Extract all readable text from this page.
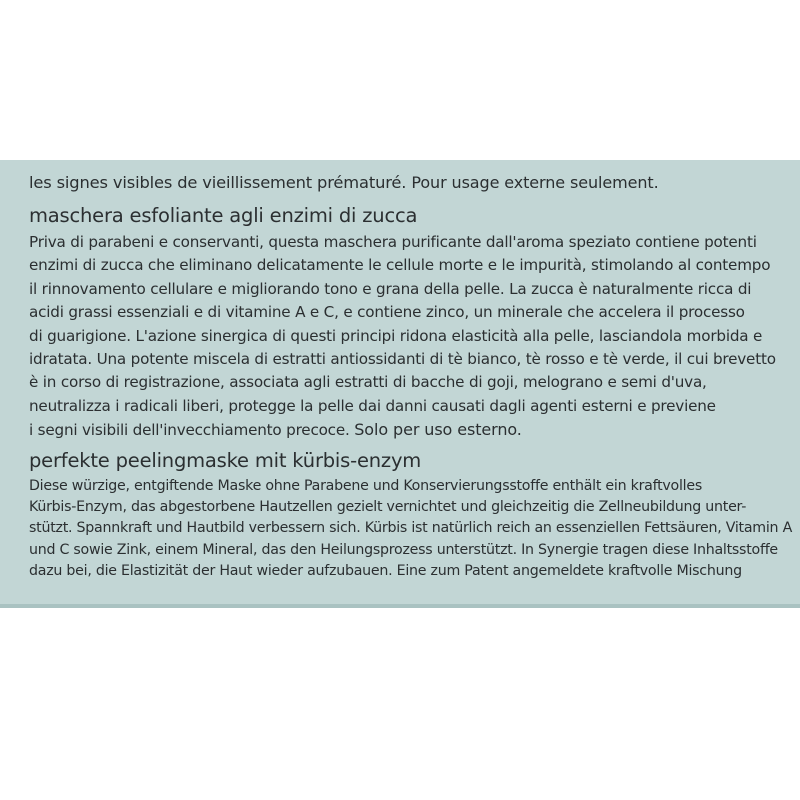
les signes visibles de vieillissement prématuré. Pour usage externe seulement.

maschera esfoliante agli enzimi di zucca
Priva di parabeni e conservanti, questa maschera purificante dall'aroma speziato contiene potenti
enzimi di zucca che eliminano delicatamente le cellule morte e le impurità, stimolando al contempo
il rinnovamento cellulare e migliorando tono e grana della pelle. La zucca è naturalmente ricca di
acidi grassi essenziali e di vitamine A e C, e contiene zinco, un minerale che accelera il processo
di guarigione. L'azione sinergica di questi principi ridona elasticità alla pelle, lasciandola morbida e
idratata. Una potente miscela di estratti antiossidanti di tè bianco, tè rosso e tè verde, il cui brevetto
è in corso di registrazione, associata agli estratti di bacche di goji, melograno e semi d'uva,
neutralizza i radicali liberi, protegge la pelle dai danni causati dagli agenti esterni e previene
i segni visibili dell'invecchiamento precoce. Solo per uso esterno.
perfekte peelingmaske mit kürbis-enzym
Diese würzige, entgiftende Maske ohne Parabene und Konservierungsstoffe enthält ein kraftvolles
Kürbis-Enzym, das abgestorbene Hautzellen gezielt vernichtet und gleichzeitig die Zellneubildung unter-
stützt. Spannkraft und Hautbild verbessern sich. Kürbis ist natürlich reich an essenziellen Fettsäuren, Vitamin A
und C sowie Zink, einem Mineral, das den Heilungsprozess unterstützt. In Synergie tragen diese Inhaltsstoffe
dazu bei, die Elastizität der Haut wieder aufzubauen. Eine zum Patent angemeldete kraftvolle Mischung
